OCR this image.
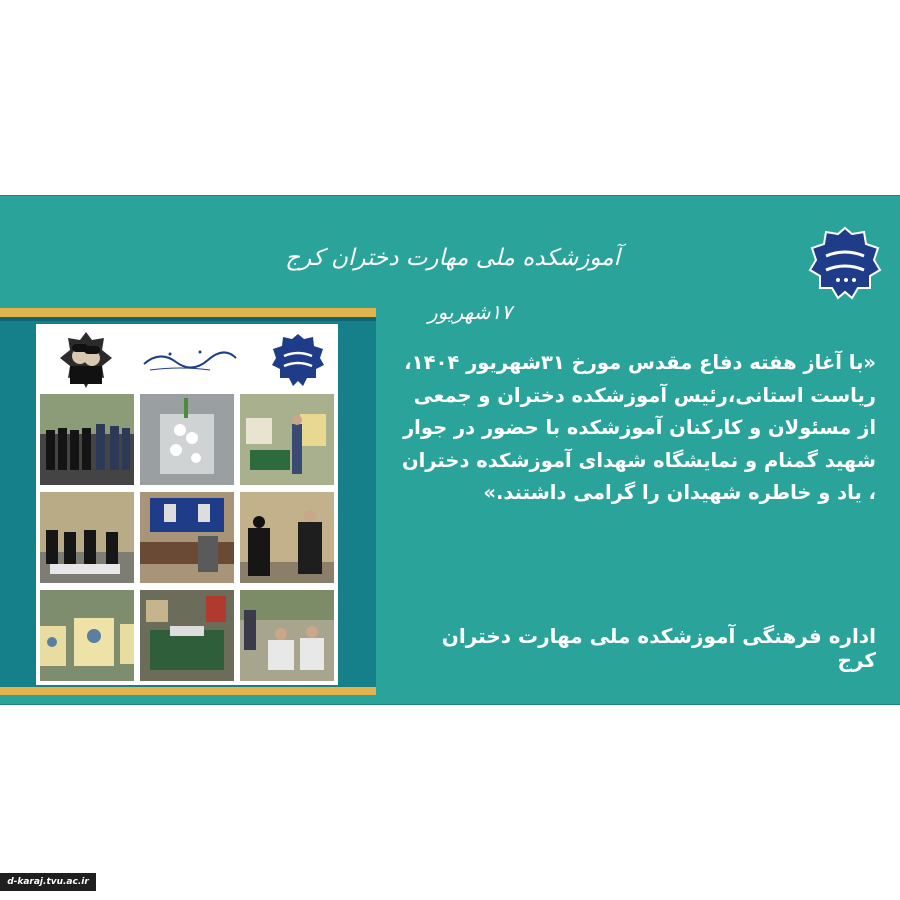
آموزشکده ملی مهارت دختران کرج
۱۷شهریور
«با آغاز هفته دفاع مقدس مورخ ۳۱شهریور ۱۴۰۴، ریاست استانی،رئیس آموزشکده دختران و جمعی از مسئولان و کارکنان آموزشکده با حضور در جوار شهید گمنام و نمایشگاه شهدای آموزشکده دختران ، یاد و خاطره شهیدان را گرامی داشتند.»
اداره فرهنگی آموزشکده ملی مهارت دختران کرج
d-karaj.tvu.ac.ir
